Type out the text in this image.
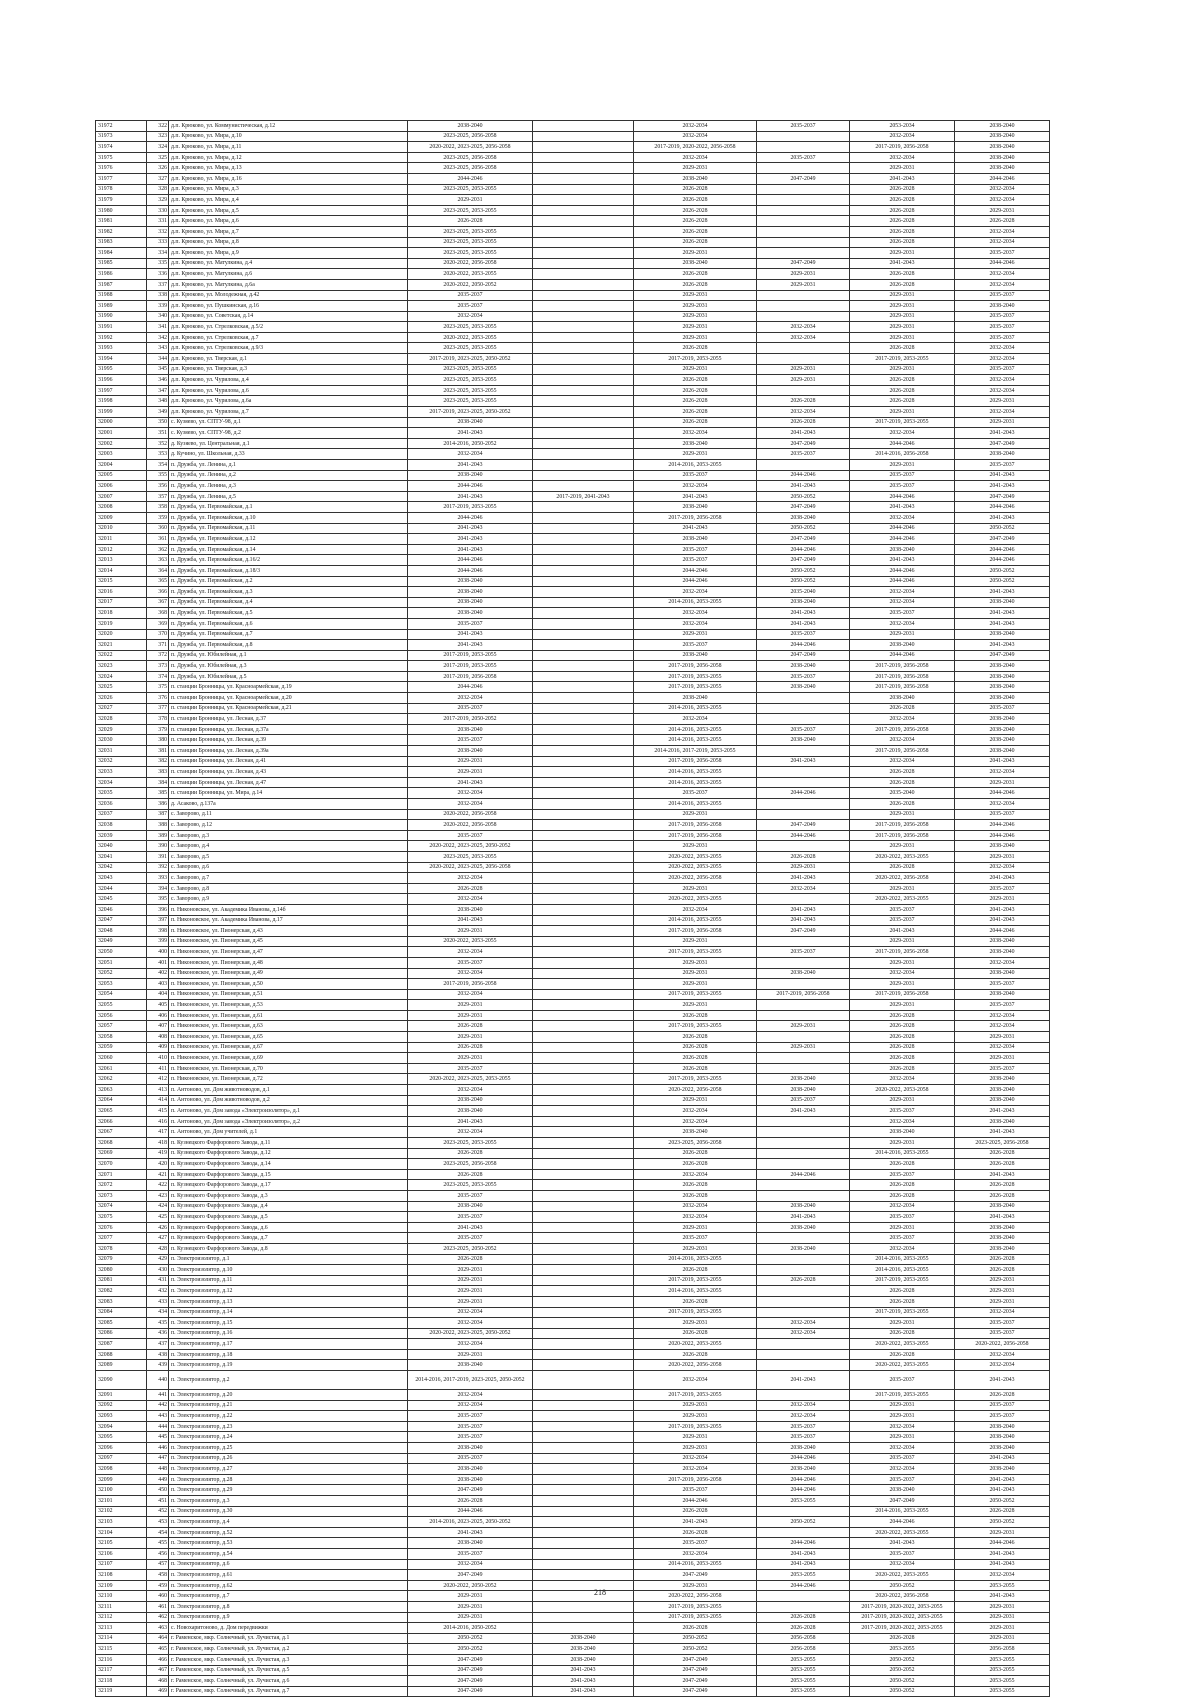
31972	322	д.п. Крюково, ул. Коммунистическая, д.12	2038-2040		2032-2034	2035-2037	2053-2034	2038-2040
31973	323	д.п. Крюково, ул. Мира, д.10	2023-2025, 2056-2058		2032-2034		2032-2034	2038-2040
31974	324	д.п. Крюково, ул. Мира, д.11	2020-2022, 2023-2025, 2056-2058		2017-2019, 2020-2022, 2056-2058		2017-2019, 2056-2058	2038-2040
31975	325	д.п. Крюково, ул. Мира, д.12	2023-2025, 2056-2058		2032-2034	2035-2037	2032-2034	2038-2040
31976	326	д.п. Крюково, ул. Мира, д.13	2023-2025, 2056-2058		2029-2031		2029-2031	2038-2040
31977	327	д.п. Крюково, ул. Мира, д.16	2044-2046		2038-2040	2047-2049	2041-2043	2044-2046
31978	328	д.п. Крюково, ул. Мира, д.3	2023-2025, 2053-2055		2026-2028		2026-2028	2032-2034
31979	329	д.п. Крюково, ул. Мира, д.4	2029-2031		2026-2028		2026-2028	2032-2034
31980	330	д.п. Крюково, ул. Мира, д.5	2023-2025, 2053-2055		2026-2028		2026-2028	2029-2031
31981	331	д.п. Крюково, ул. Мира, д.6	2026-2028		2026-2028		2026-2028	2026-2028
31982	332	д.п. Крюково, ул. Мира, д.7	2023-2025, 2053-2055		2026-2028		2026-2028	2032-2034
31983	333	д.п. Крюково, ул. Мира, д.8	2023-2025, 2053-2055		2026-2028		2026-2028	2032-2034
31984	334	д.п. Крюково, ул. Мира, д.9	2023-2025, 2053-2055		2029-2031		2029-2031	2035-2037
31985	335	д.п. Крюково, ул. Матулкина, д.4	2020-2022, 2056-2058		2038-2040	2047-2049	2041-2043	2044-2046
31986	336	д.п. Крюково, ул. Матулкина, д.6	2020-2022, 2053-2055		2026-2028	2029-2031	2026-2028	2032-2034
31987	337	д.п. Крюково, ул. Матулкина, д.6а	2020-2022, 2050-2052		2026-2028	2029-2031	2026-2028	2032-2034
31988	338	д.п. Крюково, ул. Молодежная, д.42	2035-2037		2029-2031		2029-2031	2035-2037
31989	339	д.п. Крюково, ул. Пушкинская, д.16	2035-2037		2029-2031		2029-2031	2038-2040
31990	340	д.п. Крюково, ул. Советская, д.14	2032-2034		2029-2031		2029-2031	2035-2037
31991	341	д.п. Крюково, ул. Стрелковская, д.5/2	2023-2025, 2053-2055		2029-2031	2032-2034	2029-2031	2035-2037
31992	342	д.п. Крюково, ул. Стрелковская, д.7	2020-2022, 2053-2055		2029-2031	2032-2034	2029-2031	2035-2037
31993	343	д.п. Крюково, ул. Стрелковская, д.9/3	2023-2025, 2053-2055		2026-2028		2026-2028	2032-2034
31994	344	д.п. Крюково, ул. Тверская, д.1	2017-2019, 2023-2025, 2050-2052		2017-2019, 2053-2055		2017-2019, 2053-2055	2032-2034
31995	345	д.п. Крюково, ул. Тверская, д.3	2023-2025, 2053-2055		2029-2031	2029-2031	2029-2031	2035-2037
31996	346	д.п. Крюково, ул. Чурилова, д.4	2023-2025, 2053-2055		2026-2028	2029-2031	2026-2028	2032-2034
31997	347	д.п. Крюково, ул. Чурилова, д.6	2023-2025, 2053-2055		2026-2028		2026-2028	2032-2034
31998	348	д.п. Крюково, ул. Чурилова, д.6а	2023-2025, 2053-2055		2026-2028	2026-2028	2026-2028	2029-2031
31999	349	д.п. Крюково, ул. Чурилова, д.7	2017-2019, 2023-2025, 2050-2052		2026-2028	2032-2034	2029-2031	2032-2034
32000	350	с. Кузяево, ул. СПТУ-98, д.1	2038-2040		2026-2028	2026-2028	2017-2019, 2053-2055	2029-2031
32001	351	с. Кузяево, ул. СПТУ-98, д.2	2041-2043		2032-2034	2041-2043	2032-2034	2041-2043
32002	352	д. Кузяево, ул. Центральная, д.1	2014-2016, 2050-2052		2038-2040	2047-2049	2044-2046	2047-2049
32003	353	д. Кучино, ул. Школьная, д.33	2032-2034		2029-2031	2035-2037	2014-2016, 2056-2058	2038-2040
32004	354	п. Дружба, ул. Ленина, д.1	2041-2043		2014-2016, 2053-2055		2029-2031	2035-2037
32005	355	п. Дружба, ул. Ленина, д.2	2038-2040		2035-2037	2044-2046	2035-2037	2041-2043
32006	356	п. Дружба, ул. Ленина, д.3	2044-2046		2032-2034	2041-2043	2035-2037	2041-2043
32007	357	п. Дружба, ул. Ленина, д.5	2041-2043	2017-2019, 2041-2043	2041-2043	2050-2052	2044-2046	2047-2049
32008	358	п. Дружба, ул. Первомайская, д.1	2017-2019, 2053-2055		2038-2040	2047-2049	2041-2043	2044-2046
32009	359	п. Дружба, ул. Первомайская, д.10	2044-2046		2017-2019, 2056-2058	2038-2040	2032-2034	2041-2043
32010	360	п. Дружба, ул. Первомайская, д.11	2041-2043		2041-2043	2050-2052	2044-2046	2050-2052
32011	361	п. Дружба, ул. Первомайская, д.12	2041-2043		2038-2040	2047-2049	2044-2046	2047-2049
32012	362	п. Дружба, ул. Первомайская, д.14	2041-2043		2035-2037	2044-2046	2038-2040	2044-2046
32013	363	п. Дружба, ул. Первомайская, д.16/2	2044-2046		2035-2037	2047-2049	2041-2043	2044-2046
32014	364	п. Дружба, ул. Первомайская, д.18/3	2044-2046		2044-2046	2050-2052	2044-2046	2050-2052
32015	365	п. Дружба, ул. Первомайская, д.2	2038-2040		2044-2046	2050-2052	2044-2046	2050-2052
32016	366	п. Дружба, ул. Первомайская, д.3	2038-2040		2032-2034	2035-2040	2032-2034	2041-2043
32017	367	п. Дружба, ул. Первомайская, д.4	2038-2040		2014-2016, 2053-2055	2038-2040	2032-2034	2038-2040
32018	368	п. Дружба, ул. Первомайская, д.5	2038-2040		2032-2034	2041-2043	2035-2037	2041-2043
32019	369	п. Дружба, ул. Первомайская, д.6	2035-2037		2032-2034	2041-2043	2032-2034	2041-2043
32020	370	п. Дружба, ул. Первомайская, д.7	2041-2043		2029-2031	2035-2037	2029-2031	2038-2040
32021	371	п. Дружба, ул. Первомайская, д.8	2041-2043		2035-2037	2044-2046	2038-2040	2041-2043
32022	372	п. Дружба, ул. Юбилейная, д.1	2017-2019, 2053-2055		2038-2040	2047-2049	2044-2046	2047-2049
32023	373	п. Дружба, ул. Юбилейная, д.3	2017-2019, 2053-2055		2017-2019, 2056-2058	2038-2040	2017-2019, 2056-2058	2038-2040
32024	374	п. Дружба, ул. Юбилейная, д.5	2017-2019, 2056-2058		2017-2019, 2053-2055	2035-2037	2017-2019, 2056-2058	2038-2040
32025	375	п. станции Бронницы, ул. Красноармейская, д.19	2044-2046		2017-2019, 2053-2055	2038-2040	2017-2019, 2056-2058	2038-2040
32026	376	п. станции Бронницы, ул. Красноармейская, д.20	2032-2034		2038-2040		2038-2040	2038-2040
32027	377	п. станции Бронницы, ул. Красноармейская, д.21	2035-2037		2014-2016, 2053-2055		2026-2028	2035-2037
32028	378	п. станции Бронницы, ул. Лесная, д.37	2017-2019, 2050-2052		2032-2034		2032-2034	2038-2040
32029	379	п. станции Бронницы, ул. Лесная, д.37а	2038-2040		2014-2016, 2053-2055	2035-2037	2017-2019, 2056-2058	2038-2040
32030	380	п. станции Бронницы, ул. Лесная, д.39	2035-2037		2014-2016, 2053-2055	2038-2040	2032-2034	2038-2040
32031	381	п. станции Бронницы, ул. Лесная, д.39а	2038-2040		2014-2016, 2017-2019, 2053-2055		2017-2019, 2056-2058	2038-2040
32032	382	п. станции Бронницы, ул. Лесная, д.41	2029-2031		2017-2019, 2056-2058	2041-2043	2032-2034	2041-2043
32033	383	п. станции Бронницы, ул. Лесная, д.43	2029-2031		2014-2016, 2053-2055		2026-2028	2032-2034
32034	384	п. станции Бронницы, ул. Лесная, д.47	2041-2043		2014-2016, 2053-2055		2026-2028	2029-2031
32035	385	п. станции Бронницы, ул. Мира, д.14	2032-2034		2035-2037	2044-2046	2035-2040	2044-2046
32036	386	д. Асаково, д.137а	2032-2034		2014-2016, 2053-2055		2026-2028	2032-2034
32037	387	с. Заворово, д.11	2020-2022, 2056-2058		2029-2031		2029-2031	2035-2037
32038	388	с. Заворово, д.12	2020-2022, 2056-2058		2017-2019, 2056-2058	2047-2049	2017-2019, 2056-2058	2044-2046
32039	389	с. Заворово, д.3	2035-2037		2017-2019, 2056-2058	2044-2046	2017-2019, 2056-2058	2044-2046
32040	390	с. Заворово, д.4	2020-2022, 2023-2025, 2050-2052		2029-2031		2029-2031	2038-2040
32041	391	с. Заворово, д.5	2023-2025, 2053-2055		2020-2022, 2053-2055	2026-2028	2020-2022, 2053-2055	2029-2031
32042	392	с. Заворово, д.6	2020-2022, 2023-2025, 2056-2058		2020-2022, 2053-2055	2029-2031	2026-2028	2032-2034
32043	393	с. Заворово, д.7	2032-2034		2020-2022, 2056-2058	2041-2043	2020-2022, 2056-2058	2041-2043
32044	394	с. Заворово, д.8	2026-2028		2029-2031	2032-2034	2029-2031	2035-2037
32045	395	с. Заворово, д.9	2032-2034		2020-2022, 2053-2055		2020-2022, 2053-2055	2029-2031
32046	396	п. Никоновское, ул. Академика Иванова, д.14б	2038-2040		2032-2034	2041-2043	2035-2037	2041-2043
32047	397	п. Никоновское, ул. Академика Иванова, д.17	2041-2043		2014-2016, 2053-2055	2041-2043	2035-2037	2041-2043
32048	398	п. Никоновское, ул. Пионерская, д.43	2029-2031		2017-2019, 2056-2058	2047-2049	2041-2043	2044-2046
32049	399	п. Никоновское, ул. Пионерская, д.45	2020-2022, 2053-2055		2029-2031		2029-2031	2038-2040
32050	400	п. Никоновское, ул. Пионерская, д.47	2032-2034		2017-2019, 2053-2055	2035-2037	2017-2019, 2056-2058	2038-2040
32051	401	п. Никоновское, ул. Пионерская, д.48	2035-2037		2029-2031		2029-2031	2032-2034
32052	402	п. Никоновское, ул. Пионерская, д.49	2032-2034		2029-2031	2038-2040	2032-2034	2038-2040
32053	403	п. Никоновское, ул. Пионерская, д.50	2017-2019, 2056-2058		2029-2031		2029-2031	2035-2037
32054	404	п. Никоновское, ул. Пионерская, д.51	2032-2034		2017-2019, 2053-2055	2017-2019, 2056-2058	2017-2019, 2056-2058	2038-2040
32055	405	п. Никоновское, ул. Пионерская, д.53	2029-2031		2029-2031		2029-2031	2035-2037
32056	406	п. Никоновское, ул. Пионерская, д.61	2029-2031		2026-2028		2026-2028	2032-2034
32057	407	п. Никоновское, ул. Пионерская, д.63	2026-2028		2017-2019, 2053-2055	2029-2031	2026-2028	2032-2034
32058	408	п. Никоновское, ул. Пионерская, д.65	2029-2031		2026-2028		2026-2028	2029-2031
32059	409	п. Никоновское, ул. Пионерская, д.67	2026-2028		2026-2028	2029-2031	2026-2028	2032-2034
32060	410	п. Никоновское, ул. Пионерская, д.69	2029-2031		2026-2028		2026-2028	2029-2031
32061	411	п. Никоновское, ул. Пионерская, д.70	2035-2037		2026-2028		2026-2028	2035-2037
32062	412	п. Никоновское, ул. Пионерская, д.72	2020-2022, 2023-2025, 2053-2055		2017-2019, 2053-2055	2038-2040	2032-2034	2038-2040
32063	413	п. Антоново, ул. Дом животноводов, д.1	2032-2034		2020-2022, 2056-2058	2038-2040	2020-2022, 2053-2058	2038-2040
32064	414	п. Антоново, ул. Дом животноводов, д.2	2038-2040		2029-2031	2035-2037	2029-2031	2038-2040
32065	415	п. Антоново, ул. Дом завода «Электроизолятор», д.1	2038-2040		2032-2034	2041-2043	2035-2037	2041-2043
32066	416	п. Антоново, ул. Дом завода «Электроизолятор», д.2	2041-2043		2032-2034		2032-2034	2038-2040
32067	417	п. Антоново, ул. Дом учителей, д.1	2032-2034		2038-2040		2038-2040	2041-2043
32068	418	п. Кузнецкого Фарфорового Завода, д.11	2023-2025, 2053-2055		2023-2025, 2056-2058		2029-2031	2023-2025, 2056-2058
32069	419	п. Кузнецкого Фарфорового Завода, д.12	2026-2028		2026-2028		2014-2016, 2053-2055	2026-2028
32070	420	п. Кузнецкого Фарфорового Завода, д.14	2023-2025, 2056-2058		2026-2028		2026-2028	2026-2028
32071	421	п. Кузнецкого Фарфорового Завода, д.15	2026-2028		2032-2034	2044-2046	2035-2037	2041-2043
32072	422	п. Кузнецкого Фарфорового Завода, д.17	2023-2025, 2053-2055		2026-2028		2026-2028	2026-2028
32073	423	п. Кузнецкого Фарфорового Завода, д.3	2035-2037		2026-2028		2026-2028	2026-2028
32074	424	п. Кузнецкого Фарфорового Завода, д.4	2038-2040		2032-2034	2038-2040	2032-2034	2038-2040
32075	425	п. Кузнецкого Фарфорового Завода, д.5	2035-2037		2032-2034	2041-2043	2035-2037	2041-2043
32076	426	п. Кузнецкого Фарфорового Завода, д.6	2041-2043		2029-2031	2038-2040	2029-2031	2038-2040
32077	427	п. Кузнецкого Фарфорового Завода, д.7	2035-2037		2035-2037		2035-2037	2038-2040
32078	428	п. Кузнецкого Фарфорового Завода, д.8	2023-2025, 2050-2052		2029-2031	2038-2040	2032-2034	2038-2040
32079	429	п. Электроизолятор, д.1	2026-2028		2014-2016, 2053-2055		2014-2016, 2053-2055	2026-2028
32080	430	п. Электроизолятор, д.10	2029-2031		2026-2028		2014-2016, 2053-2055	2026-2028
32081	431	п. Электроизолятор, д.11	2029-2031		2017-2019, 2053-2055	2026-2028	2017-2019, 2053-2055	2029-2031
32082	432	п. Электроизолятор, д.12	2029-2031		2014-2016, 2053-2055		2026-2028	2029-2031
32083	433	п. Электроизолятор, д.13	2029-2031		2026-2028		2026-2028	2029-2031
32084	434	п. Электроизолятор, д.14	2032-2034		2017-2019, 2053-2055		2017-2019, 2053-2055	2032-2034
32085	435	п. Электроизолятор, д.15	2032-2034		2029-2031	2032-2034	2029-2031	2035-2037
32086	436	п. Электроизолятор, д.16	2020-2022, 2023-2025, 2050-2052		2026-2028	2032-2034	2026-2028	2035-2037
32087	437	п. Электроизолятор, д.17	2032-2034		2020-2022, 2053-2055		2020-2022, 2053-2055	2020-2022, 2056-2058
32088	438	п. Электроизолятор, д.18	2029-2031		2026-2028		2026-2028	2032-2034
32089	439	п. Электроизолятор, д.19	2038-2040		2020-2022, 2056-2058		2020-2022, 2053-2055	2032-2034
32090	440	п. Электроизолятор, д.2	2014-2016, 2017-2019, 2023-2025, 2050-2052		2032-2034	2041-2043	2035-2037	2041-2043
32091	441	п. Электроизолятор, д.20	2032-2034		2017-2019, 2053-2055		2017-2019, 2053-2055	2026-2028
32092	442	п. Электроизолятор, д.21	2032-2034		2029-2031	2032-2034	2029-2031	2035-2037
32093	443	п. Электроизолятор, д.22	2035-2037		2029-2031	2032-2034	2029-2031	2035-2037
32094	444	п. Электроизолятор, д.23	2035-2037		2017-2019, 2053-2055	2035-2037	2032-2034	2038-2040
32095	445	п. Электроизолятор, д.24	2035-2037		2029-2031	2035-2037	2029-2031	2038-2040
32096	446	п. Электроизолятор, д.25	2038-2040		2029-2031	2038-2040	2032-2034	2038-2040
32097	447	п. Электроизолятор, д.26	2035-2037		2032-2034	2044-2046	2035-2037	2041-2043
32098	448	п. Электроизолятор, д.27	2038-2040		2032-2034	2038-2040	2032-2034	2038-2040
32099	449	п. Электроизолятор, д.28	2038-2040		2017-2019, 2056-2058	2044-2046	2035-2037	2041-2043
32100	450	п. Электроизолятор, д.29	2047-2049		2035-2037	2044-2046	2038-2040	2041-2043
32101	451	п. Электроизолятор, д.3	2026-2028		2044-2046	2053-2055	2047-2049	2050-2052
32102	452	п. Электроизолятор, д.30	2044-2046		2026-2028		2014-2016, 2053-2055	2026-2028
32103	453	п. Электроизолятор, д.4	2014-2016, 2023-2025, 2050-2052		2041-2043	2050-2052	2044-2046	2050-2052
32104	454	п. Электроизолятор, д.52	2041-2043		2026-2028		2020-2022, 2053-2055	2029-2031
32105	455	п. Электроизолятор, д.53	2038-2040		2035-2037	2044-2046	2041-2043	2044-2046
32106	456	п. Электроизолятор, д.54	2035-2037		2032-2034	2041-2043	2035-2037	2041-2043
32107	457	п. Электроизолятор, д.6	2032-2034		2014-2016, 2053-2055	2041-2043	2032-2034	2041-2043
32108	458	п. Электроизолятор, д.61	2047-2049		2047-2049	2053-2055	2020-2022, 2053-2055	2032-2034
32109	459	п. Электроизолятор, д.62	2020-2022, 2050-2052		2029-2031	2044-2046	2050-2052	2053-2055
32110	460	п. Электроизолятор, д.7	2029-2031		2020-2022, 2056-2058		2020-2022, 2056-2058	2041-2043
32111	461	п. Электроизолятор, д.8	2029-2031		2017-2019, 2053-2055		2017-2019, 2020-2022, 2053-2055	2029-2031
32112	462	п. Электроизолятор, д.9	2029-2031		2017-2019, 2053-2055	2026-2028	2017-2019, 2020-2022, 2053-2055	2029-2031
32113	463	с. Новохаритоново, д. Дом передвижки	2014-2016, 2050-2052		2026-2028	2026-2028	2017-2019, 2020-2022, 2053-2055	2029-2031
32114	464	г. Раменское, мкр. Солнечный, ул. Лучистая, д.1	2050-2052	2038-2040	2050-2052	2056-2058	2026-2028	2029-2031
32115	465	г. Раменское, мкр. Солнечный, ул. Лучистая, д.2	2050-2052	2038-2040	2050-2052	2056-2058	2053-2055	2056-2058
32116	466	г. Раменское, мкр. Солнечный, ул. Лучистая, д.3	2047-2049	2038-2040	2047-2049	2053-2055	2050-2052	2053-2055
32117	467	г. Раменское, мкр. Солнечный, ул. Лучистая, д.5	2047-2049	2041-2043	2047-2049	2053-2055	2050-2052	2053-2055
32118	468	г. Раменское, мкр. Солнечный, ул. Лучистая, д.6	2047-2049	2041-2043	2047-2049	2053-2055	2050-2052	2053-2055
32119	469	г. Раменское, мкр. Солнечный, ул. Лучистая, д.7	2047-2049	2041-2043	2047-2049	2053-2055	2050-2052	2053-2055
218
